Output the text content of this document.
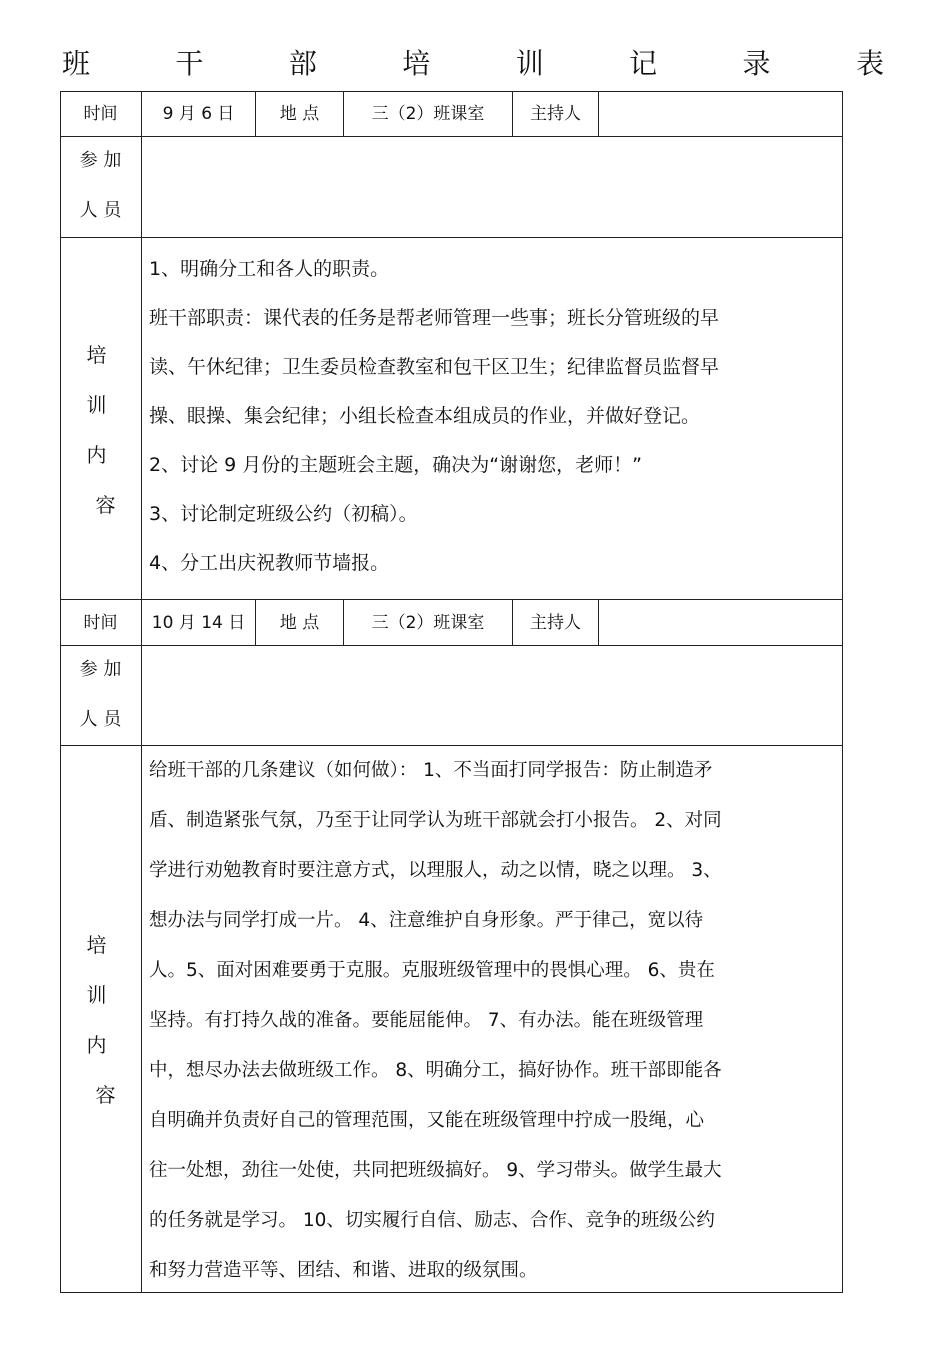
班	干	部	培	训	记	录	表
时间	9 月 6 日	地 点	三（2）班课室	主持人
参 加
人 员
培
训
内
容

1、明确分工和各人的职责。

班干部职责：课代表的任务是帮老师管理一些事；班长分管班级的早

读、午休纪律；卫生委员检查教室和包干区卫生；纪律监督员监督早

操、眼操、集会纪律；小组长检查本组成员的作业，并做好登记。

2、讨论 9 月份的主题班会主题，确决为“谢谢您，老师！”

3、讨论制定班级公约（初稿）。

4、分工出庆祝教师节墙报。

时间	10 月 14 日	地 点	三（2）班课室	主持人
参 加
人 员
培
训
内
容

给班干部的几条建议（如何做）： 1、不当面打同学报告：防止制造矛

盾、制造紧张气氛，乃至于让同学认为班干部就会打小报告。 2、对同

学进行劝勉教育时要注意方式，以理服人，动之以情，晓之以理。 3、

想办法与同学打成一片。 4、注意维护自身形象。严于律己，宽以待

人。5、面对困难要勇于克服。克服班级管理中的畏惧心理。 6、贵在

坚持。有打持久战的准备。要能屈能伸。 7、有办法。能在班级管理

中，想尽办法去做班级工作。 8、明确分工，搞好协作。班干部即能各

自明确并负责好自己的管理范围，又能在班级管理中拧成一股绳，心

往一处想，劲往一处使，共同把班级搞好。 9、学习带头。做学生最大

的任务就是学习。 10、切实履行自信、励志、合作、竞争的班级公约

和努力营造平等、团结、和谐、进取的级氛围。
